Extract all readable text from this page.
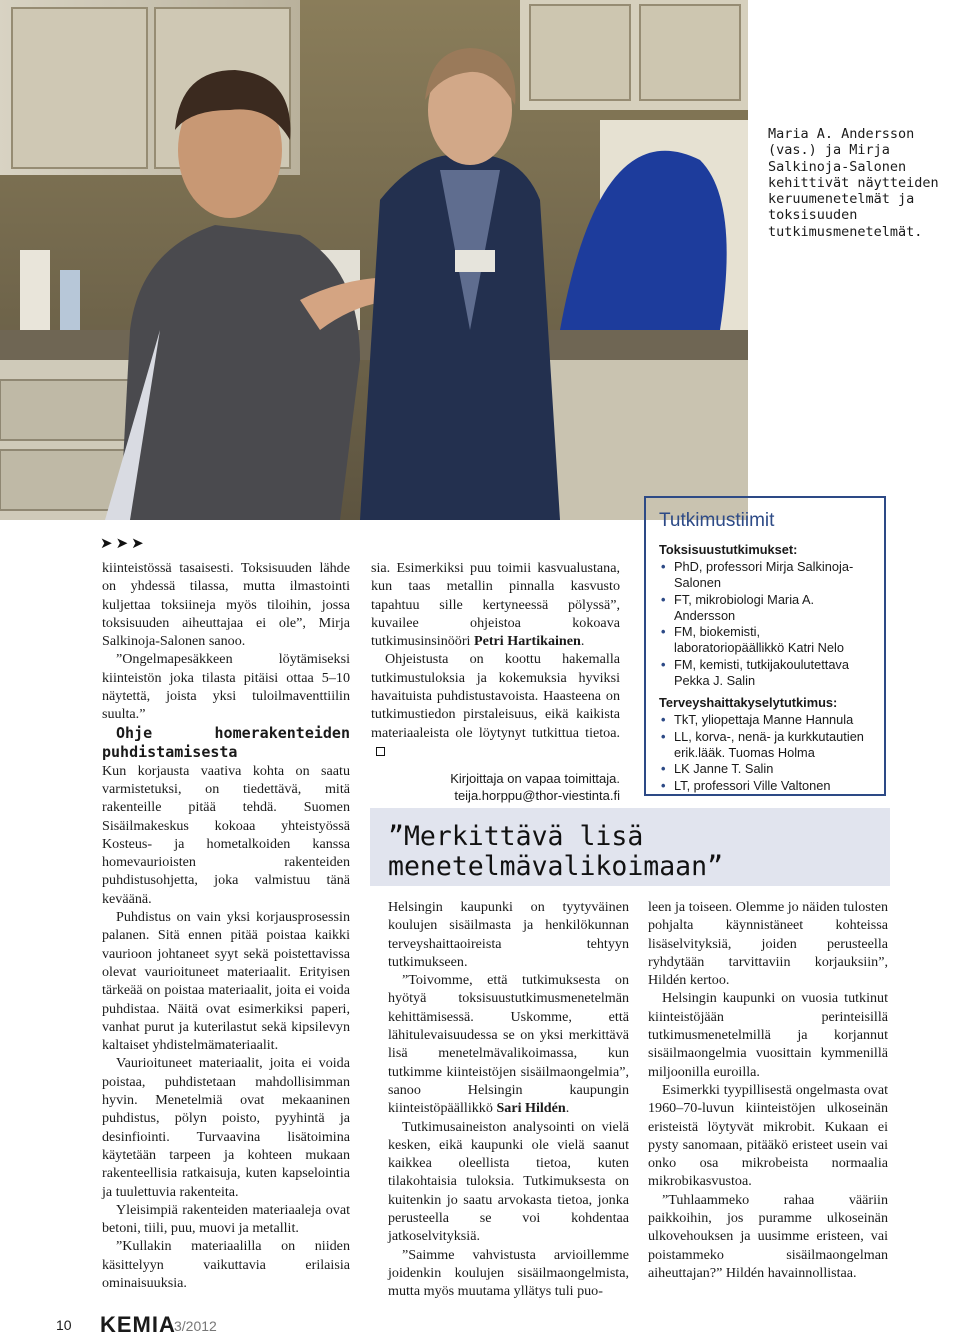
Maria A. Andersson (vas.) ja Mirja Salkinoja-Salonen kehittivät näytteiden keruumenetelmät ja toksisuuden tutkimusmenetelmät.

➤➤➤

kiinteistössä tasaisesti. Toksisuuden lähde on yhdessä tilassa, mutta ilmastointi kuljettaa toksiineja myös tiloihin, jossa toksisuuden aiheuttajaa ei ole”, Mirja Salkinoja-Salonen sanoo.

”Ongelmapesäkkeen löytämiseksi kiinteistön joka tilasta pitäisi ottaa 5–10 näytettä, joista yksi tuloilmaventtiilin suulta.”

Ohje homerakenteiden puhdistamisesta

Kun korjausta vaativa kohta on saatu varmistetuksi, on tiedettävä, mitä rakenteille pitää tehdä. Suomen Sisäilmakeskus kokoaa yhteistyössä Kosteus- ja hometalkoiden kanssa homevaurioisten rakenteiden puhdistusohjetta, joka valmistuu tänä keväänä.

Puhdistus on vain yksi korjausprosessin palanen. Sitä ennen pitää poistaa kaikki vaurioon johtaneet syyt sekä poistettavissa olevat vaurioituneet materiaalit. Erityisen tärkeää on poistaa materiaalit, joita ei voida puhdistaa. Näitä ovat esimerkiksi paperi, vanhat purut ja kuterilastut sekä kipsilevyn kaltaiset yhdistelmämateriaalit.

Vaurioituneet materiaalit, joita ei voida poistaa, puhdistetaan mahdollisimman hyvin. Menetelmiä ovat mekaaninen puhdistus, pölyn poisto, pyyhintä ja desinfiointi. Turvaavina lisätoimina käytetään tarpeen ja kohteen mukaan rakenteellisia ratkaisuja, kuten kapselointia ja tuulettuvia rakenteita.

Yleisimpiä rakenteiden materiaaleja ovat betoni, tiili, puu, muovi ja metallit.

”Kullakin materiaalilla on niiden käsittelyyn vaikuttavia erilaisia ominaisuuksia.

sia. Esimerkiksi puu toimii kasvualustana, kun taas metallin pinnalla kasvusto tapahtuu sille kertyneessä pölyssä”, kuvailee ohjeistoa kokoava tutkimusinsinööri Petri Hartikainen.

Ohjeistusta on koottu hakemalla tutkimustuloksia ja kokemuksia hyviksi havaituista puhdistustavoista. Haasteena on tutkimustiedon pirstaleisuus, eikä kaikista materiaaleista ole löytynyt tutkittua tietoa.

Kirjoittaja on vapaa toimittaja.
teija.horppu@thor-viestinta.fi
Tutkimustiimit
Toksisuustutkimukset:
• PhD, professori Mirja Salkinoja-Salonen
• FT, mikrobiologi Maria A. Andersson
• FM, biokemisti, laboratoriopäällikkö Katri Nelo
• FM, kemisti, tutkijakoulutettava Pekka J. Salin
Terveyshaittakyselytutkimus:
• TkT, yliopettaja Manne Hannula
• LL, korva-, nenä- ja kurkkutautien erik.lääk. Tuomas Holma
• LK Janne T. Salin
• LT, professori Ville Valtonen
”Merkittävä lisä
menetelmävalikoimaan”

Helsingin kaupunki on tyytyväinen koulujen sisäilmasta ja henkilökunnan terveyshaittaoireista tehtyyn tutkimukseen.

”Toivomme, että tutkimuksesta on hyötyä toksisuustutkimusmenetelmän kehittämisessä. Uskomme, että lähitulevaisuudessa se on yksi merkittävä lisä menetelmävalikoimassa, kun tutkimme kiinteistöjen sisäilmaongelmia”, sanoo Helsingin kaupungin kiinteistöpäällikkö Sari Hildén.

Tutkimusaineiston analysointi on vielä kesken, eikä kaupunki ole vielä saanut kaikkea oleellista tietoa, kuten tilakohtaisia tuloksia. Tutkimuksesta on kuitenkin jo saatu arvokasta tietoa, jonka perusteella se voi kohdentaa jatkoselvityksiä.

”Saimme vahvistusta arvioillemme joidenkin koulujen sisäilmaongelmista, mutta myös muutama yllätys tuli puo-

leen ja toiseen. Olemme jo näiden tulosten pohjalta käynnistäneet kohteissa lisäselvityksiä, joiden perusteella ryhdytään tarvittaviin korjauksiin”, Hildén kertoo.

Helsingin kaupunki on vuosia tutkinut kiinteistöjään perinteisillä tutkimusmenetelmillä ja korjannut sisäilmaongelmia vuosittain kymmenillä miljoonilla euroilla.

Esimerkki tyypillisestä ongelmasta ovat 1960–70-luvun kiinteistöjen ulkoseinän eristeistä löytyvät mikrobit. Kukaan ei pysty sanomaan, pitääkö eristeet usein vai onko osa mikrobeista normaalia mikrobikasvustoa.

”Tuhlaammeko rahaa vääriin paikkoihin, jos puramme ulkoseinän ulkovehouksen ja uusimme eristeen, vai poistammeko sisäilmaongelman aiheuttajan?” Hildén havainnollistaa.

10 KEMIA
3/2012
